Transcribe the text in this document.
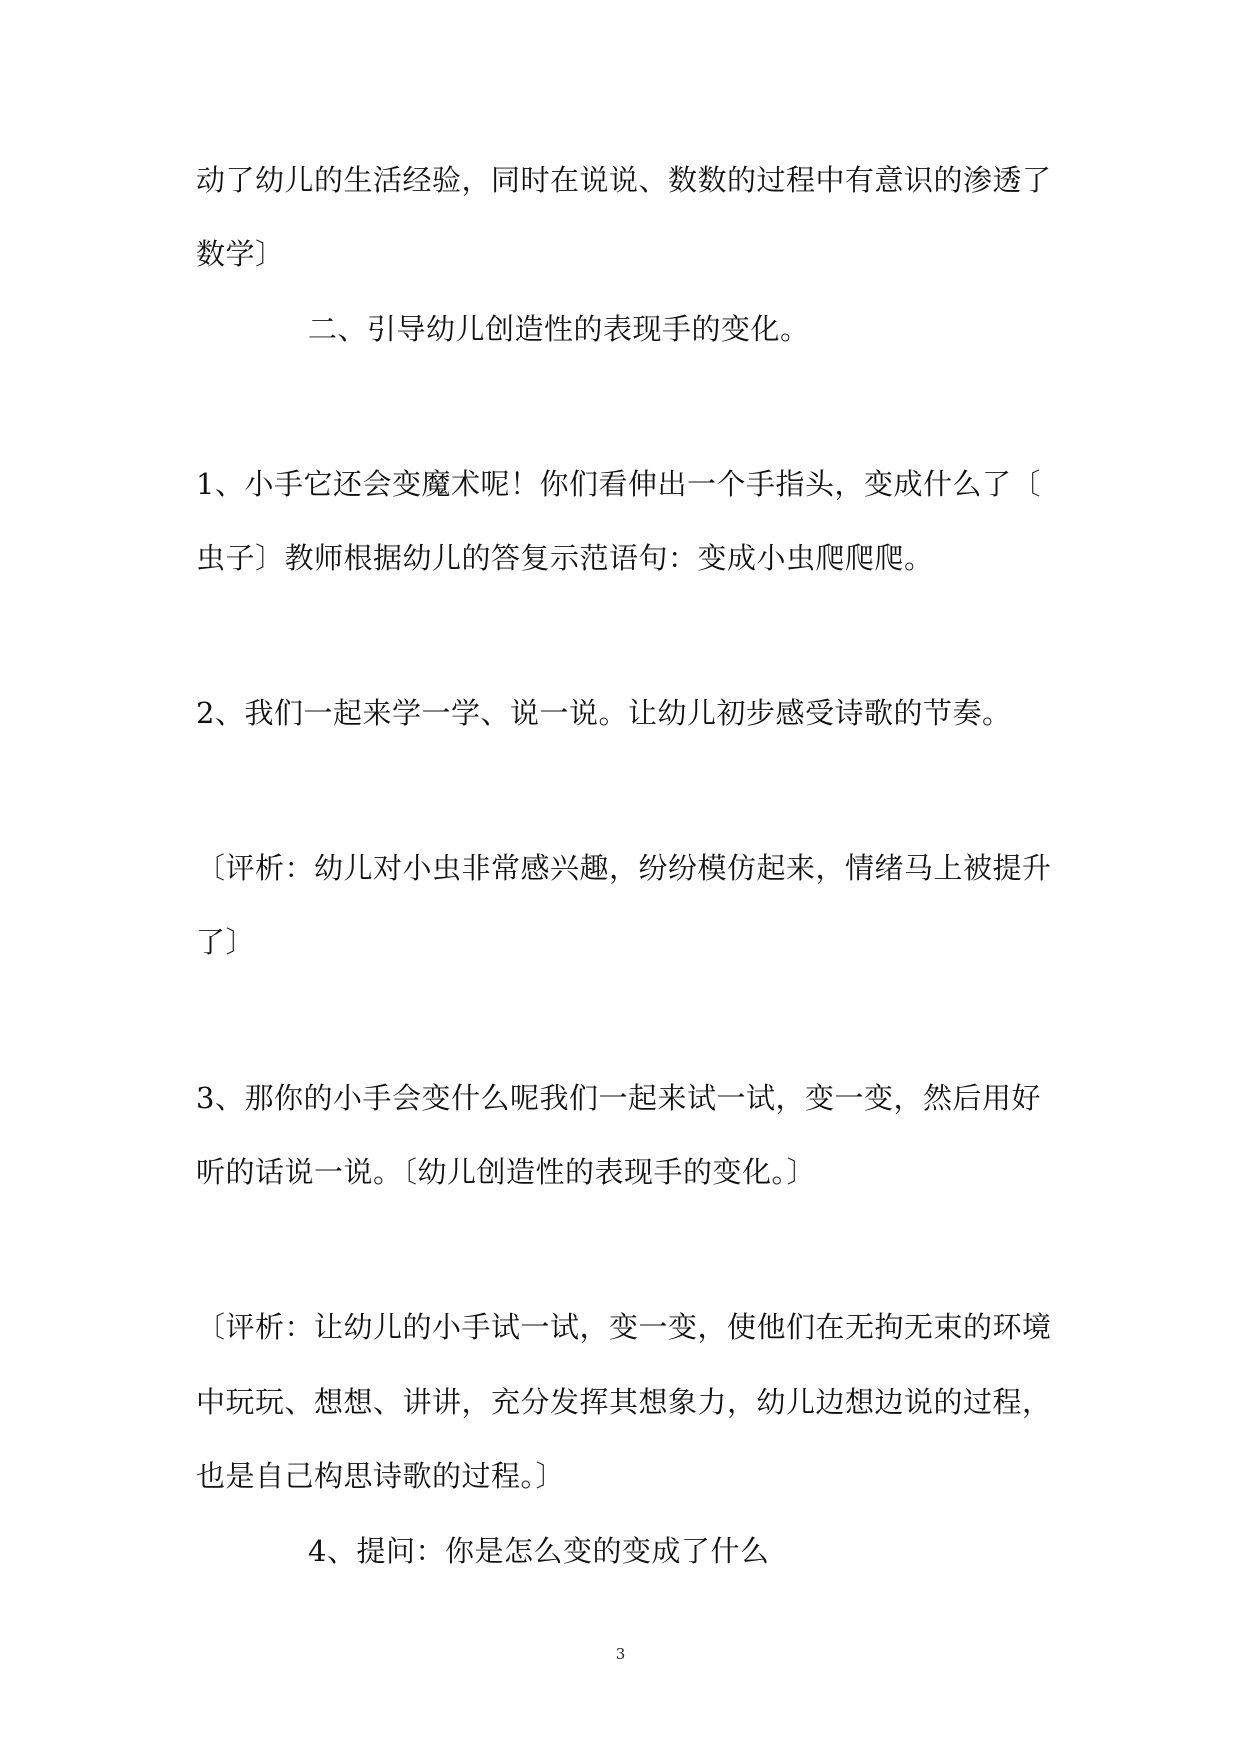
动了幼儿的生活经验，同时在说说、数数的过程中有意识的渗透了
数学〕
二、引导幼儿创造性的表现手的变化。
1、小手它还会变魔术呢！你们看伸出一个手指头，变成什么了〔
虫子〕教师根据幼儿的答复示范语句：变成小虫爬爬爬。
2、我们一起来学一学、说一说。让幼儿初步感受诗歌的节奏。
〔评析：幼儿对小虫非常感兴趣，纷纷模仿起来，情绪马上被提升
了〕
3、那你的小手会变什么呢我们一起来试一试，变一变，然后用好
听的话说一说。〔幼儿创造性的表现手的变化。〕
〔评析：让幼儿的小手试一试，变一变，使他们在无拘无束的环境
中玩玩、想想、讲讲，充分发挥其想象力，幼儿边想边说的过程，
也是自己构思诗歌的过程。〕
4、提问：你是怎么变的变成了什么
3
